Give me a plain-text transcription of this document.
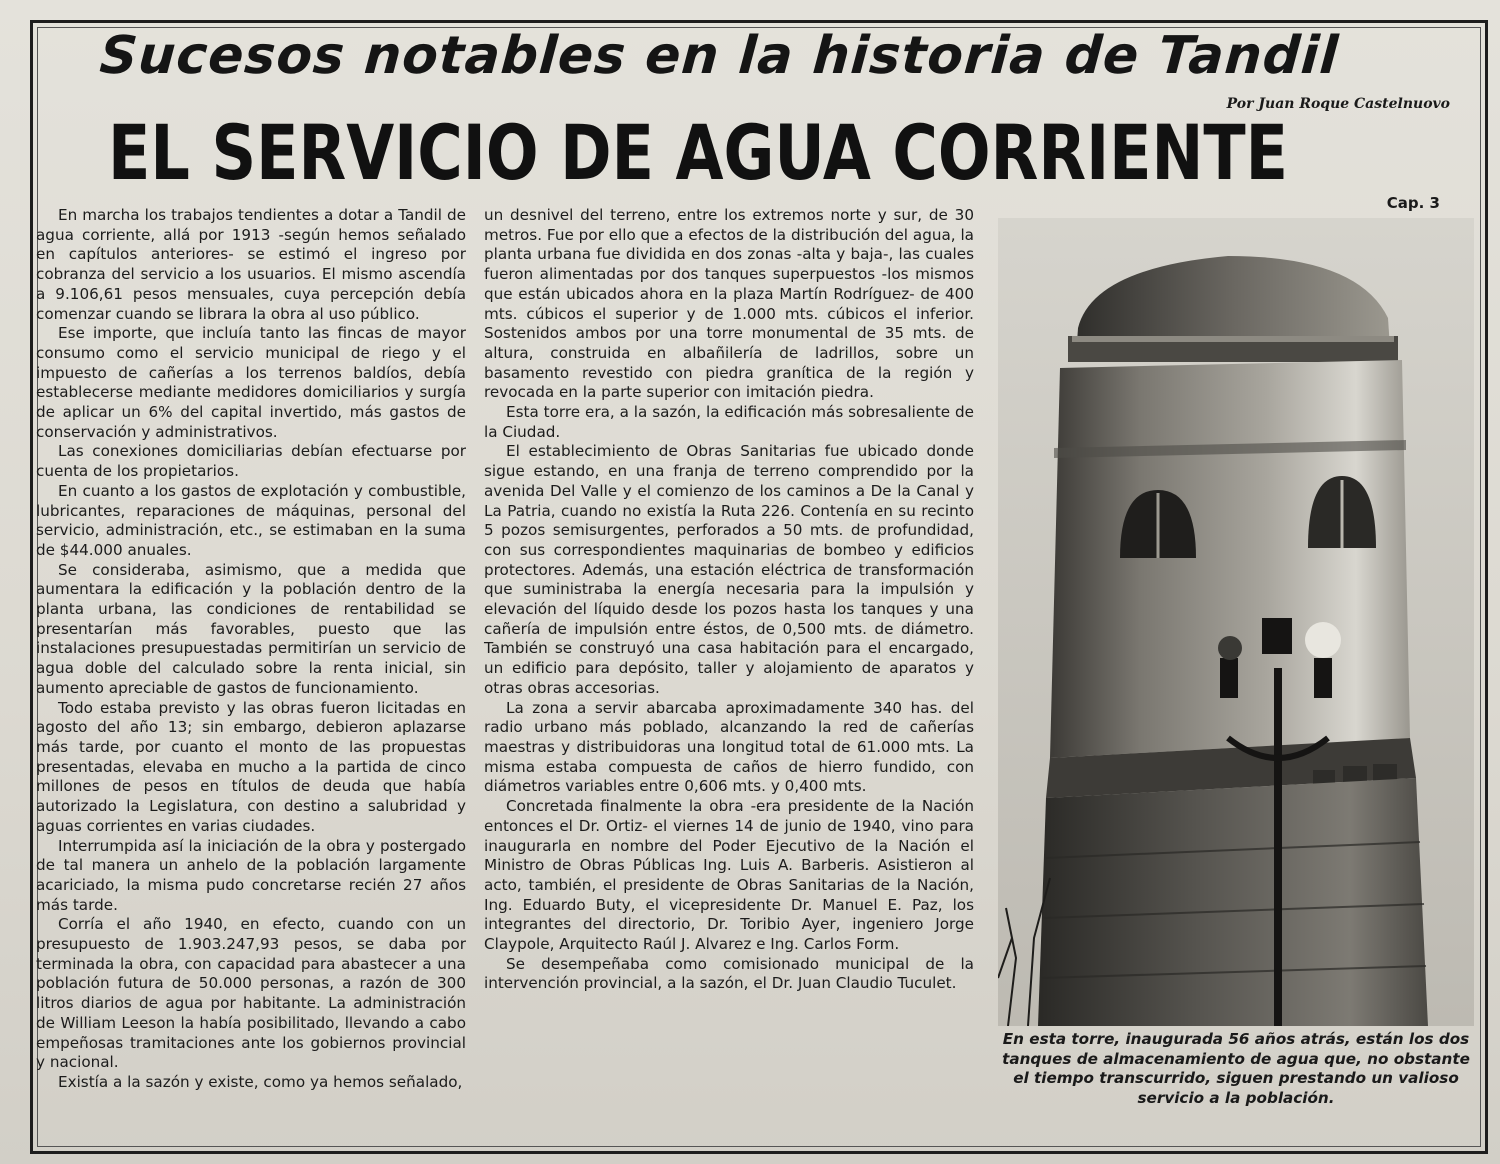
Sucesos notables en la historia de Tandil
Por Juan Roque Castelnuovo
EL SERVICIO DE AGUA CORRIENTE
Cap. 3

En marcha los trabajos tendientes a dotar a Tandil de agua corriente, allá por 1913 -según hemos señalado en capítulos anteriores- se estimó el ingreso por cobranza del servicio a los usuarios. El mismo ascendía a 9.106,61 pesos mensuales, cuya percepción debía comenzar cuando se librara la obra al uso público.

Ese importe, que incluía tanto las fincas de mayor consumo como el servicio municipal de riego y el impuesto de cañerías a los terrenos baldíos, debía establecerse mediante medidores domiciliarios y surgía de aplicar un 6% del capital invertido, más gastos de conservación y administrativos.

Las conexiones domiciliarias debían efectuarse por cuenta de los propietarios.

En cuanto a los gastos de explotación y combustible, lubricantes, reparaciones de máquinas, personal del servicio, administración, etc., se estimaban en la suma de $44.000 anuales.

Se consideraba, asimismo, que a medida que aumentara la edificación y la población dentro de la planta urbana, las condiciones de rentabilidad se presentarían más favorables, puesto que las instalaciones presupuestadas permitirían un servicio de agua doble del calculado sobre la renta inicial, sin aumento apreciable de gastos de funcionamiento.

Todo estaba previsto y las obras fueron licitadas en agosto del año 13; sin embargo, debieron aplazarse más tarde, por cuanto el monto de las propuestas presentadas, elevaba en mucho a la partida de cinco millones de pesos en títulos de deuda que había autorizado la Legislatura, con destino a salubridad y aguas corrientes en varias ciudades.

Interrumpida así la iniciación de la obra y postergado de tal manera un anhelo de la población largamente acariciado, la misma pudo concretarse recién 27 años más tarde.

Corría el año 1940, en efecto, cuando con un presupuesto de 1.903.247,93 pesos, se daba por terminada la obra, con capacidad para abastecer a una población futura de 50.000 personas, a razón de 300 litros diarios de agua por habitante. La administración de William Leeson la había posibilitado, llevando a cabo empeñosas tramitaciones ante los gobiernos provincial y nacional.

Existía a la sazón y existe, como ya hemos señalado,

un desnivel del terreno, entre los extremos norte y sur, de 30 metros. Fue por ello que a efectos de la distribución del agua, la planta urbana fue dividida en dos zonas -alta y baja-, las cuales fueron alimentadas por dos tanques superpuestos -los mismos que están ubicados ahora en la plaza Martín Rodríguez- de 400 mts. cúbicos el superior y de 1.000 mts. cúbicos el inferior. Sostenidos ambos por una torre monumental de 35 mts. de altura, construida en albañilería de ladrillos, sobre un basamento revestido con piedra granítica de la región y revocada en la parte superior con imitación piedra.

Esta torre era, a la sazón, la edificación más sobresaliente de la Ciudad.

El establecimiento de Obras Sanitarias fue ubicado donde sigue estando, en una franja de terreno comprendido por la avenida Del Valle y el comienzo de los caminos a De la Canal y La Patria, cuando no existía la Ruta 226. Contenía en su recinto 5 pozos semisurgentes, perforados a 50 mts. de profundidad, con sus correspondientes maquinarias de bombeo y edificios protectores. Además, una estación eléctrica de transformación que suministraba la energía necesaria para la impulsión y elevación del líquido desde los pozos hasta los tanques y una cañería de impulsión entre éstos, de 0,500 mts. de diámetro. También se construyó una casa habitación para el encargado, un edificio para depósito, taller y alojamiento de aparatos y otras obras accesorias.

La zona a servir abarcaba aproximadamente 340 has. del radio urbano más poblado, alcanzando la red de cañerías maestras y distribuidoras una longitud total de 61.000 mts. La misma estaba compuesta de caños de hierro fundido, con diámetros variables entre 0,606 mts. y 0,400 mts.

Concretada finalmente la obra -era presidente de la Nación entonces el Dr. Ortiz- el viernes 14 de junio de 1940, vino para inaugurarla en nombre del Poder Ejecutivo de la Nación el Ministro de Obras Públicas Ing. Luis A. Barberis. Asistieron al acto, también, el presidente de Obras Sanitarias de la Nación, Ing. Eduardo Buty, el vicepresidente Dr. Manuel E. Paz, los integrantes del directorio, Dr. Toribio Ayer, ingeniero Jorge Claypole, Arquitecto Raúl J. Alvarez e Ing. Carlos Form.

Se desempeñaba como comisionado municipal de la intervención provincial, a la sazón, el Dr. Juan Claudio Tuculet.

En esta torre, inaugurada 56 años atrás, están los dos tanques de almacenamiento de agua que, no obstante el tiempo transcurrido, siguen prestando un valioso servicio a la población.
